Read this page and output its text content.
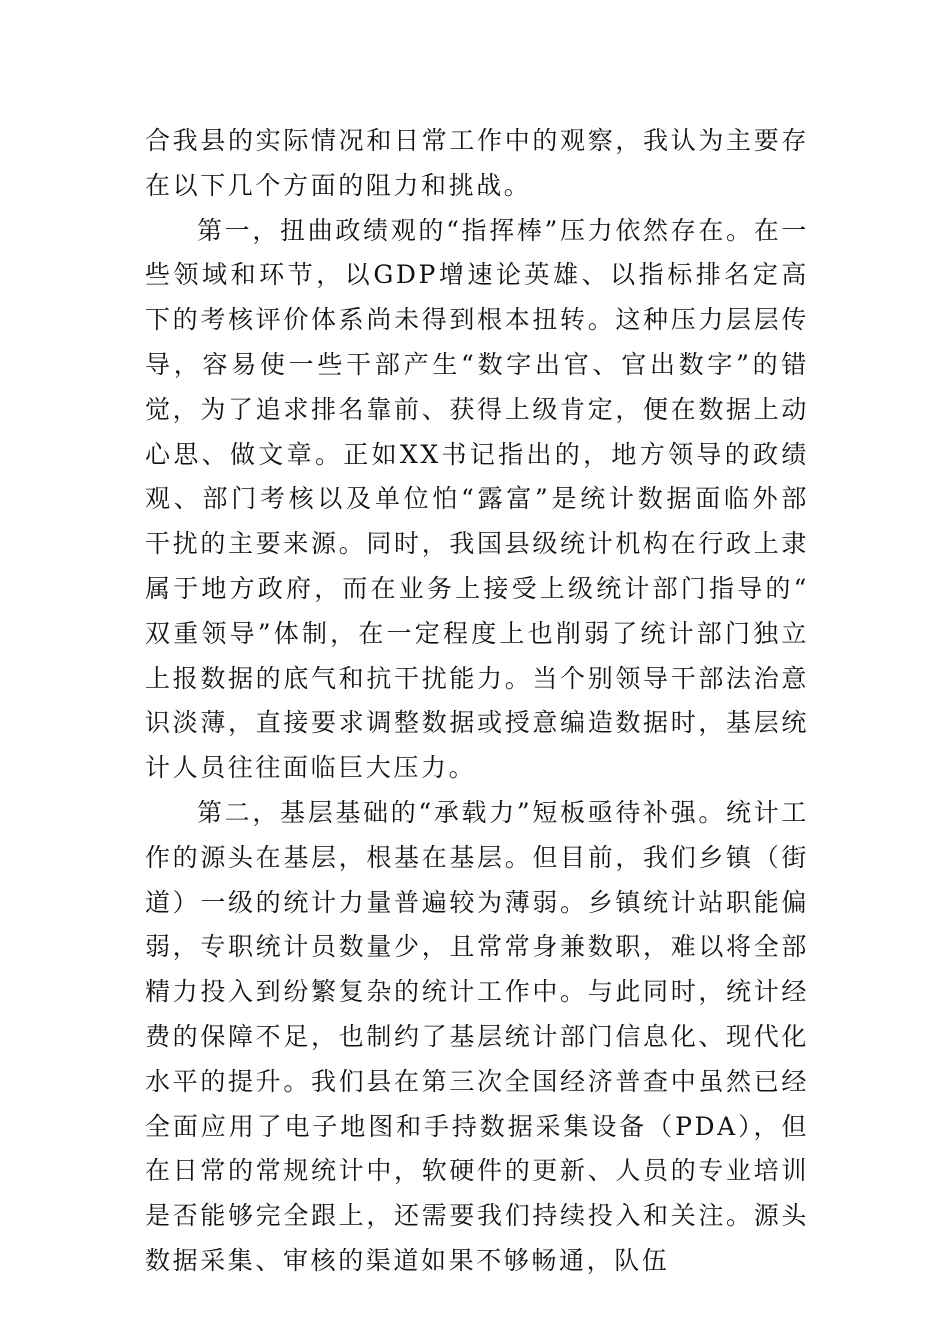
合我县的实际情况和日常工作中的观察，我认为主要存在以下几个方面的阻力和挑战。

第一，扭曲政绩观的“指挥棒”压力依然存在。在一些领域和环节，以GDP增速论英雄、以指标排名定高下的考核评价体系尚未得到根本扭转。这种压力层层传导，容易使一些干部产生“数字出官、官出数字”的错觉，为了追求排名靠前、获得上级肯定，便在数据上动心思、做文章。正如XX书记指出的，地方领导的政绩观、部门考核以及单位怕“露富”是统计数据面临外部干扰的主要来源。同时，我国县级统计机构在行政上隶属于地方政府，而在业务上接受上级统计部门指导的“双重领导”体制，在一定程度上也削弱了统计部门独立上报数据的底气和抗干扰能力。当个别领导干部法治意识淡薄，直接要求调整数据或授意编造数据时，基层统计人员往往面临巨大压力。

第二，基层基础的“承载力”短板亟待补强。统计工作的源头在基层，根基在基层。但目前，我们乡镇（街道）一级的统计力量普遍较为薄弱。乡镇统计站职能偏弱，专职统计员数量少，且常常身兼数职，难以将全部精力投入到纷繁复杂的统计工作中。与此同时，统计经费的保障不足，也制约了基层统计部门信息化、现代化水平的提升。我们县在第三次全国经济普查中虽然已经全面应用了电子地图和手持数据采集设备（PDA），但在日常的常规统计中，软硬件的更新、人员的专业培训是否能够完全跟上，还需要我们持续投入和关注。源头数据采集、审核的渠道如果不够畅通，队伍
